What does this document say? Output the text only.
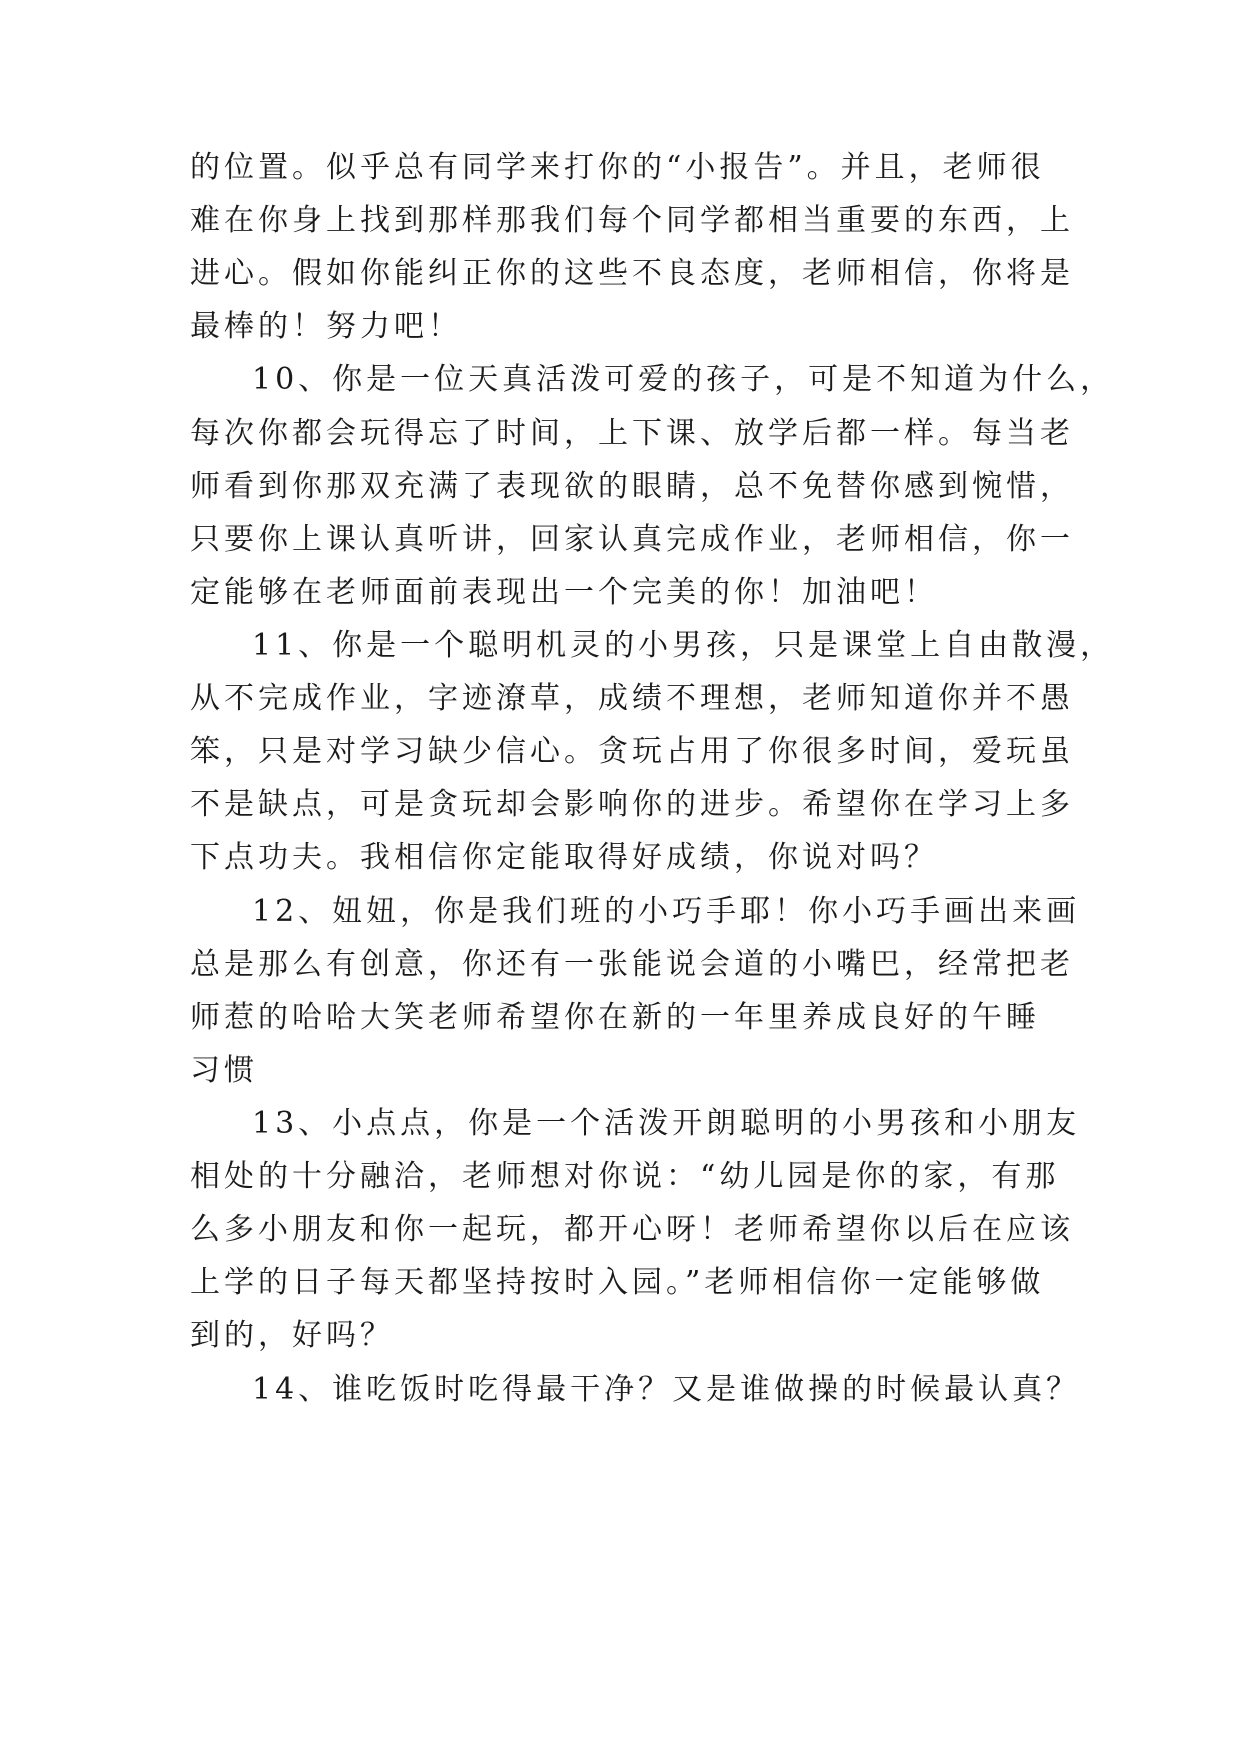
的位置。似乎总有同学来打你的“小报告”。并且，老师很

难在你身上找到那样那我们每个同学都相当重要的东西，上

进心。假如你能纠正你的这些不良态度，老师相信，你将是

最棒的！努力吧！

10、你是一位天真活泼可爱的孩子，可是不知道为什么，

每次你都会玩得忘了时间，上下课、放学后都一样。每当老

师看到你那双充满了表现欲的眼睛，总不免替你感到惋惜，

只要你上课认真听讲，回家认真完成作业，老师相信，你一

定能够在老师面前表现出一个完美的你！加油吧！

11、你是一个聪明机灵的小男孩，只是课堂上自由散漫，

从不完成作业，字迹潦草，成绩不理想，老师知道你并不愚

笨，只是对学习缺少信心。贪玩占用了你很多时间，爱玩虽

不是缺点，可是贪玩却会影响你的进步。希望你在学习上多

下点功夫。我相信你定能取得好成绩，你说对吗？

12、妞妞，你是我们班的小巧手耶！你小巧手画出来画

总是那么有创意，你还有一张能说会道的小嘴巴，经常把老

师惹的哈哈大笑老师希望你在新的一年里养成良好的午睡

习惯

13、小点点，你是一个活泼开朗聪明的小男孩和小朋友

相处的十分融洽，老师想对你说：“幼儿园是你的家，有那

么多小朋友和你一起玩，都开心呀！老师希望你以后在应该

上学的日子每天都坚持按时入园。”老师相信你一定能够做

到的，好吗？

14、谁吃饭时吃得最干净？又是谁做操的时候最认真？
